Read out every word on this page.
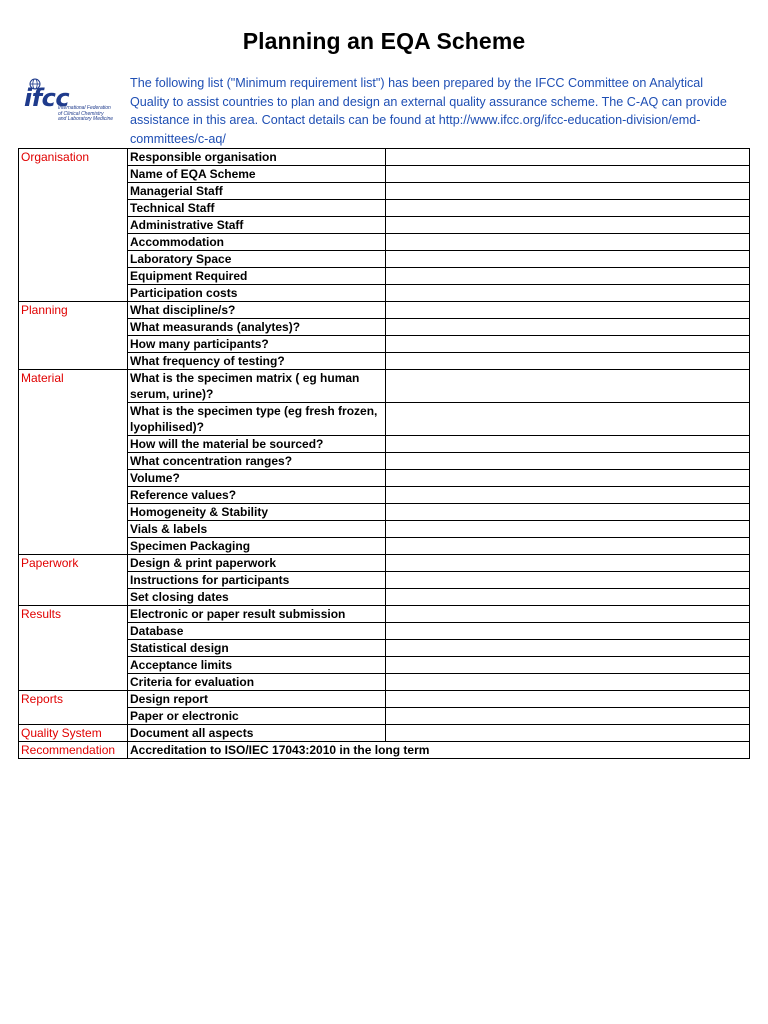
Planning an EQA Scheme
ifcc
International Federation
of Clinical Chemistry
and Laboratory Medicine
The following list ("Minimum requirement list") has been prepared by the IFCC Committee on Analytical Quality to assist countries to plan and design an external quality assurance scheme. The C-AQ can provide assistance in this area. Contact details can be found at http://www.ifcc.org/ifcc-education-division/emd-committees/c-aq/
Organisation	Responsible organisation	
	Name of EQA Scheme	
	Managerial Staff	
	Technical Staff	
	Administrative Staff	
	Accommodation	
	Laboratory Space	
	Equipment Required	
	Participation costs	
Planning	What discipline/s?	
	What measurands (analytes)?	
	How many participants?	
	What frequency of testing?	
Material	What is the specimen matrix ( eg human serum, urine)?	
	What is the specimen type (eg fresh frozen, lyophilised)?	
	How will the material be sourced?	
	What concentration ranges?	
	Volume?	
	Reference values?	
	Homogeneity & Stability	
	Vials & labels	
	Specimen Packaging	
Paperwork	Design & print paperwork	
	Instructions for participants	
	Set closing dates	
Results	Electronic or paper result submission	
	Database	
	Statistical design	
	Acceptance limits	
	Criteria for evaluation	
Reports	Design report	
	Paper or electronic	
Quality System	Document all aspects	
Recommendation	Accreditation to ISO/IEC 17043:2010 in the long term	
